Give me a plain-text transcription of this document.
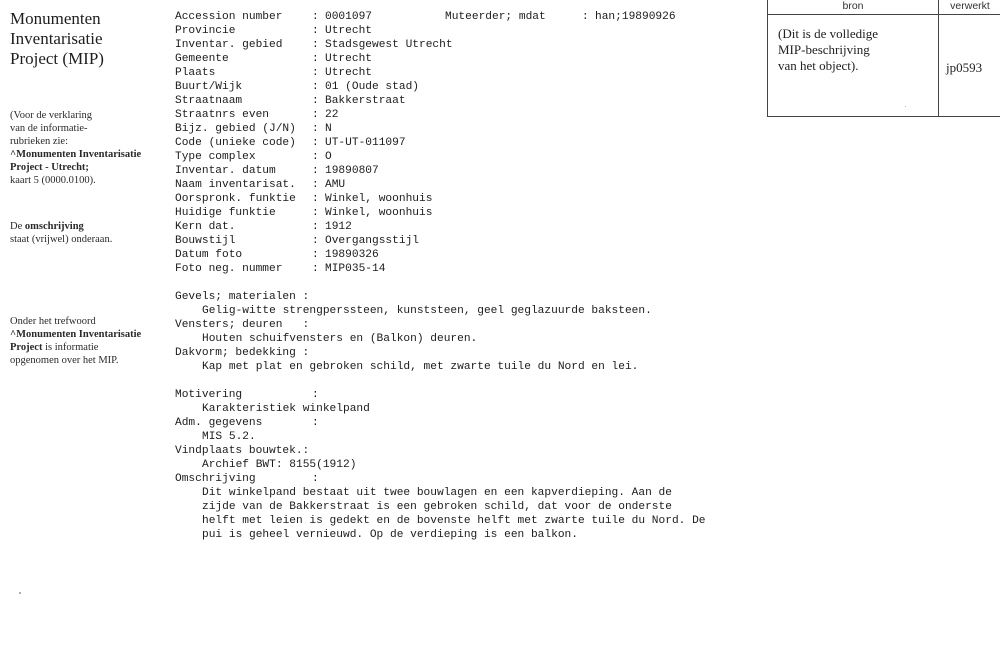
Monumenten
Inventarisatie
Project (MIP)
(Voor de verklaring
van de informatie-
rubrieken zie:
^Monumenten Inventarisatie
Project - Utrecht;
kaart 5 (0000.0100).
De omschrijving
staat (vrijwel) onderaan.
Onder het trefwoord
^Monumenten Inventarisatie
Project is informatie
opgenomen over het MIP.
Accession number	: 0001097	Muteerder; mdat	: han;19890926
Provincie	: Utrecht
Inventar. gebied	: Stadsgewest Utrecht
Gemeente	: Utrecht
Plaats	: Utrecht
Buurt/Wijk	: 01 (Oude stad)
Straatnaam	: Bakkerstraat
Straatnrs even	: 22
Bijz. gebied (J/N) : N
Code (unieke code) : UT-UT-011097
Type complex	: O
Inventar. datum	: 19890807
Naam inventarisat. : AMU
Oorspronk. funktie : Winkel, woonhuis
Huidige funktie	: Winkel, woonhuis
Kern dat.	: 1912
Bouwstijl	: Overgangsstijl
Datum foto	: 19890326
Foto neg. nummer	: MIP035-14
Gevels; materialen :
Gelig-witte strengperssteen, kunststeen, geel geglazuurde baksteen.
Vensters; deuren   :
Houten schuifvensters en (Balkon) deuren.
Dakvorm; bedekking :
Kap met plat en gebroken schild, met zwarte tuile du Nord en lei.
Motivering	:
Karakteristiek winkelpand
Adm. gegevens	:
MIS 5.2.
Vindplaats bouwtek.:
Archief BWT: 8155(1912)
Omschrijving	:
Dit winkelpand bestaat uit twee bouwlagen en een kapverdieping. Aan de
zijde van de Bakkerstraat is een gebroken schild, dat voor de onderste
helft met leien is gedekt en de bovenste helft met zwarte tuile du Nord. De
pui is geheel vernieuwd. Op de verdieping is een balkon.
bron	verwerkt
(Dit is de volledige
MIP-beschrijving
van het object).	jp0593
